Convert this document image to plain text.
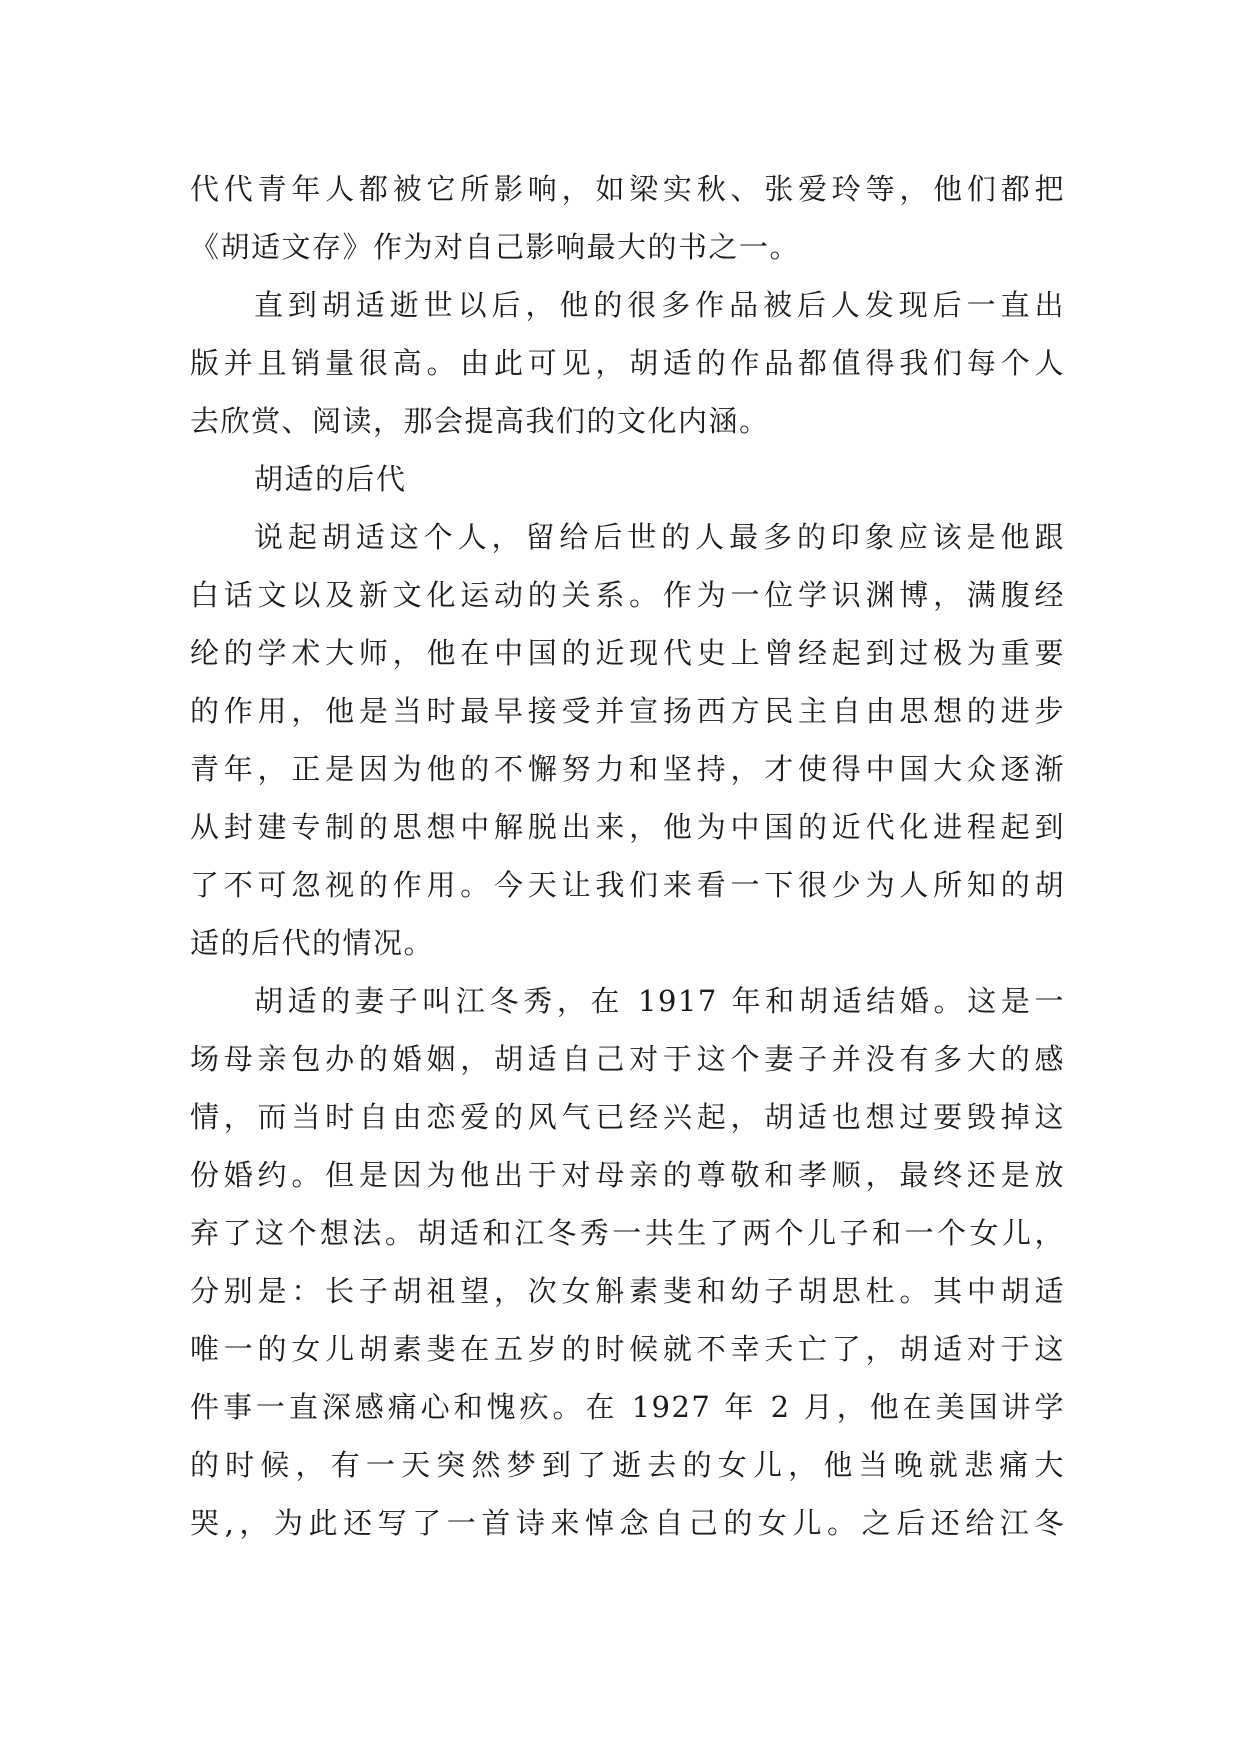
代代青年人都被它所影响，如梁实秋、张爱玲等，他们都把
《胡适文存》作为对自己影响最大的书之一。
直到胡适逝世以后，他的很多作品被后人发现后一直出
版并且销量很高。由此可见，胡适的作品都值得我们每个人
去欣赏、阅读，那会提高我们的文化内涵。
胡适的后代
说起胡适这个人，留给后世的人最多的印象应该是他跟
白话文以及新文化运动的关系。作为一位学识渊博，满腹经
纶的学术大师，他在中国的近现代史上曾经起到过极为重要
的作用，他是当时最早接受并宣扬西方民主自由思想的进步
青年，正是因为他的不懈努力和坚持，才使得中国大众逐渐
从封建专制的思想中解脱出来，他为中国的近代化进程起到
了不可忽视的作用。今天让我们来看一下很少为人所知的胡
适的后代的情况。
胡适的妻子叫江冬秀，在 1917 年和胡适结婚。这是一
场母亲包办的婚姻，胡适自己对于这个妻子并没有多大的感
情，而当时自由恋爱的风气已经兴起，胡适也想过要毁掉这
份婚约。但是因为他出于对母亲的尊敬和孝顺，最终还是放
弃了这个想法。胡适和江冬秀一共生了两个儿子和一个女儿，
分别是：长子胡祖望，次女斛素斐和幼子胡思杜。其中胡适
唯一的女儿胡素斐在五岁的时候就不幸夭亡了，胡适对于这
件事一直深感痛心和愧疚。在 1927 年 2 月，他在美国讲学
的时候，有一天突然梦到了逝去的女儿，他当晚就悲痛大
哭,，为此还写了一首诗来悼念自己的女儿。之后还给江冬
